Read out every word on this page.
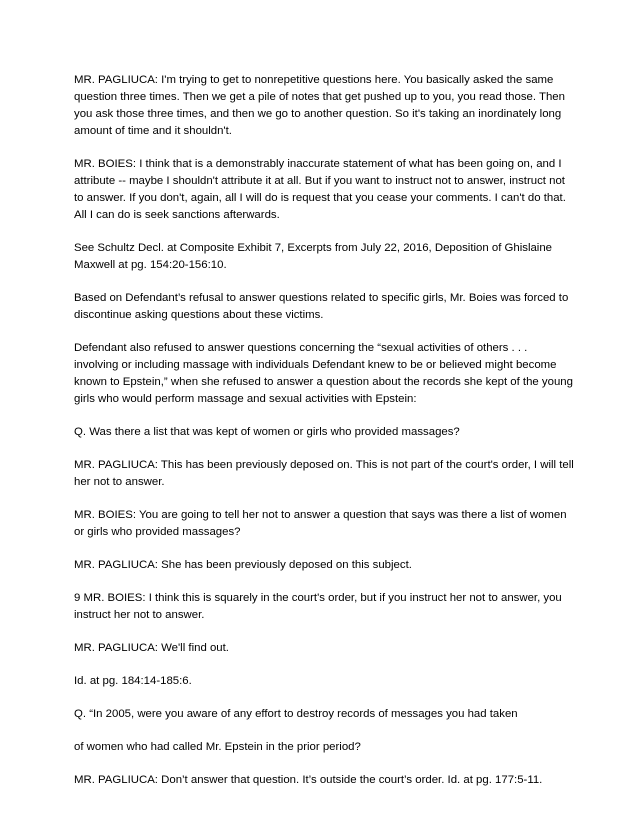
MR. PAGLIUCA: I'm trying to get to nonrepetitive questions here. You basically asked the same question three times. Then we get a pile of notes that get pushed up to you, you read those. Then you ask those three times, and then we go to another question. So it's taking an inordinately long amount of time and it shouldn't.

MR. BOIES: I think that is a demonstrably inaccurate statement of what has been going on, and I attribute -- maybe I shouldn't attribute it at all. But if you want to instruct not to answer, instruct not to answer. If you don't, again, all I will do is request that you cease your comments. I can't do that. All I can do is seek sanctions afterwards.

See Schultz Decl. at Composite Exhibit 7, Excerpts from July 22, 2016, Deposition of Ghislaine Maxwell at pg. 154:20-156:10.

Based on Defendant’s refusal to answer questions related to specific girls, Mr. Boies was forced to discontinue asking questions about these victims.

Defendant also refused to answer questions concerning the “sexual activities of others . . . involving or including massage with individuals Defendant knew to be or believed might become known to Epstein,” when she refused to answer a question about the records she kept of the young girls who would perform massage and sexual activities with Epstein:

Q. Was there a list that was kept of women or girls who provided massages?

MR. PAGLIUCA: This has been previously deposed on. This is not part of the court's order, I will tell her not to answer.

MR. BOIES: You are going to tell her not to answer a question that says was there a list of women or girls who provided massages?

MR. PAGLIUCA: She has been previously deposed on this subject.

9 MR. BOIES: I think this is squarely in the court's order, but if you instruct her not to answer, you instruct her not to answer.

MR. PAGLIUCA: We'll find out.

Id. at pg. 184:14-185:6.

Q. “In 2005, were you aware of any effort to destroy records of messages you had taken

of women who had called Mr. Epstein in the prior period?

MR. PAGLIUCA: Don’t answer that question. It’s outside the court’s order. Id. at pg. 177:5-11.
